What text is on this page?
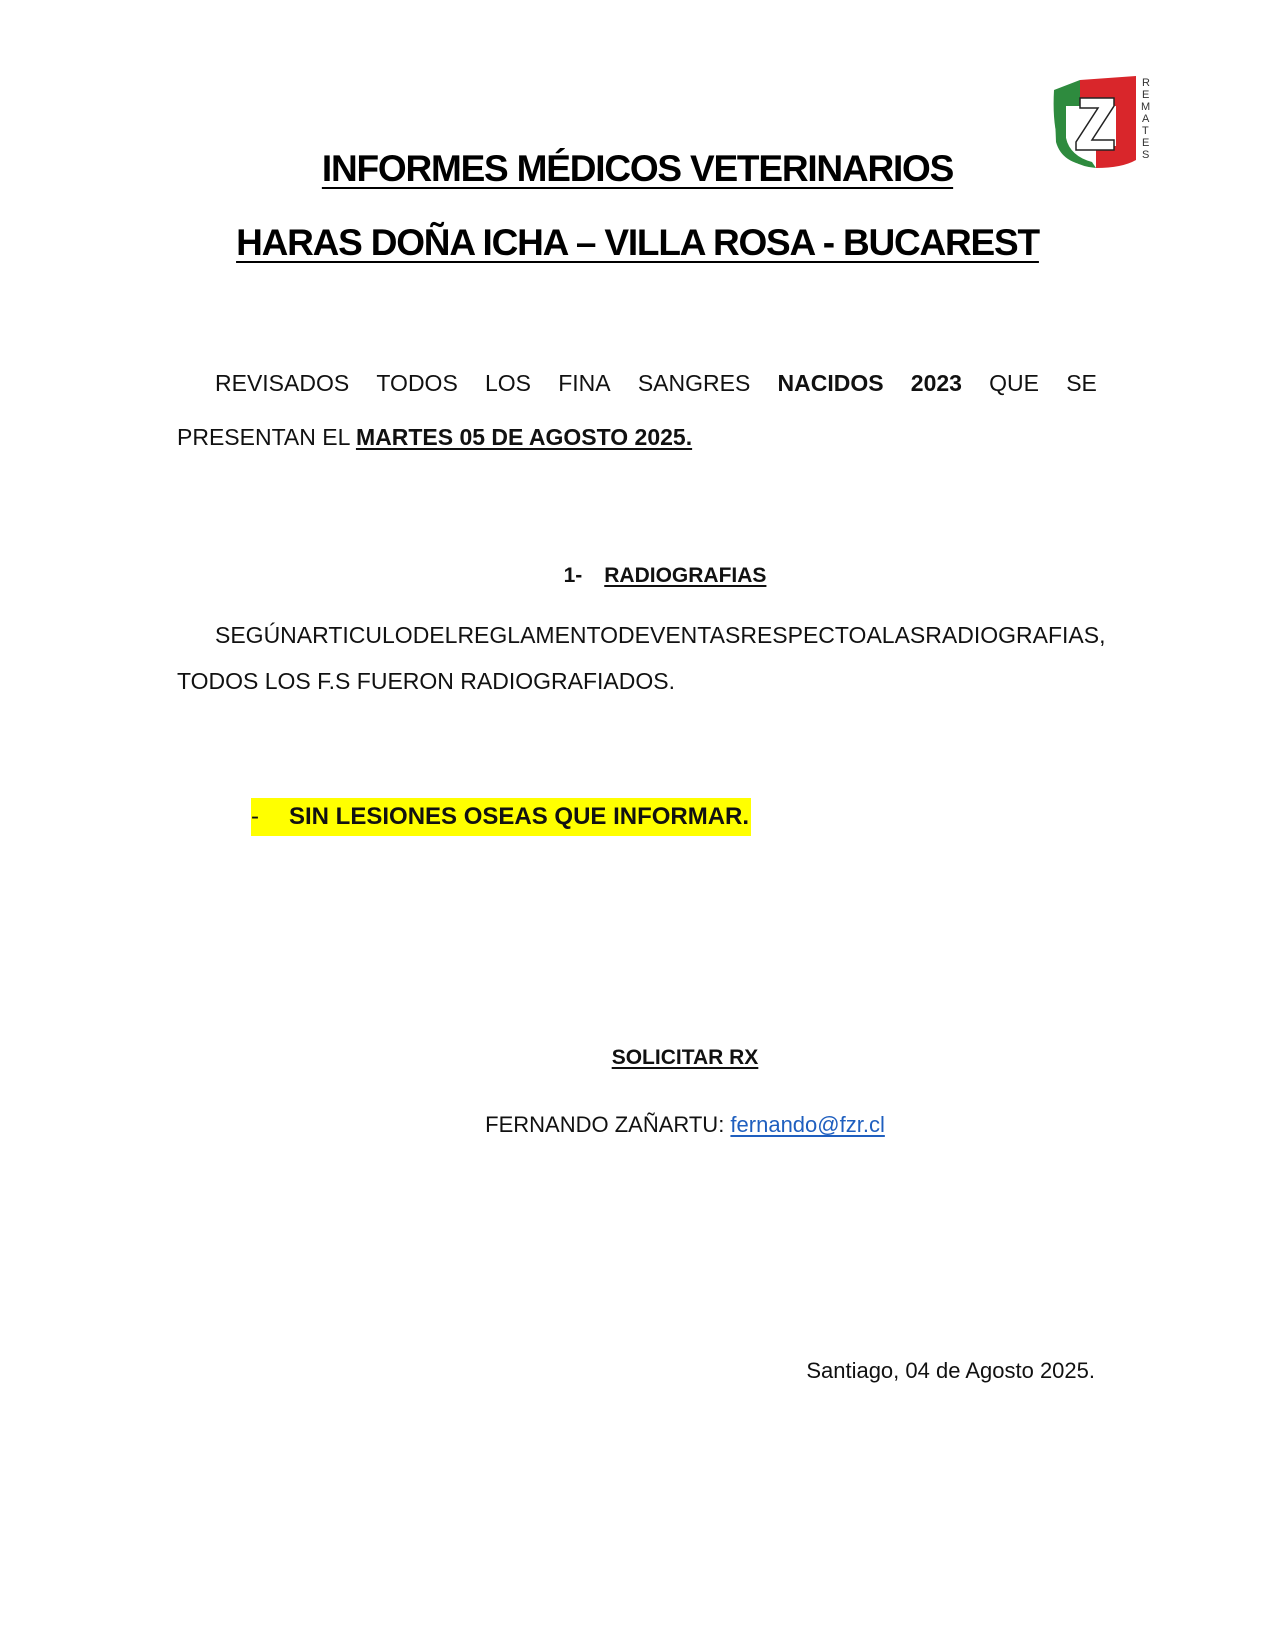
R
E
M
A
T
E
S
INFORMES MÉDICOS VETERINARIOS
HARAS DOÑA ICHA – VILLA ROSA - BUCAREST
REVISADOS TODOS LOS FINA SANGRES NACIDOS 2023 QUE SE
PRESENTAN EL MARTES 05 DE AGOSTO 2025.
1- RADIOGRAFIAS
SEGÚN ARTICULO DEL REGLAMENTO DE VENTAS RESPECTO A LAS RADIOGRAFIAS,
TODOS LOS F.S FUERON RADIOGRAFIADOS.
- SIN LESIONES OSEAS QUE INFORMAR.
SOLICITAR RX
FERNANDO ZAÑARTU: fernando@fzr.cl
Santiago, 04 de Agosto 2025.
